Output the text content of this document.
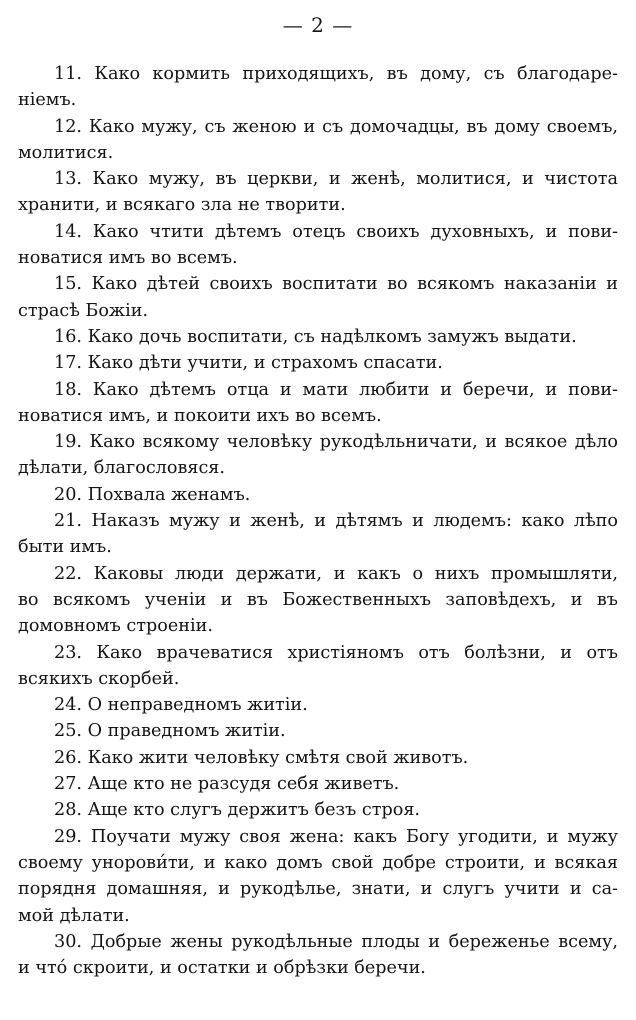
— 2 —
11. Како кормить приходящихъ, въ дому, съ благодаре-
ніемъ.
12. Како мужу, съ женою и съ домочадцы, въ дому своемъ,
молитися.
13. Како мужу, въ церкви, и женѣ, молитися, и чистота
хранити, и всякаго зла не творити.
14. Како чтити дѣтемъ отецъ своихъ духовныхъ, и пови-
новатися имъ во всемъ.
15. Како дѣтей своихъ воспитати во всякомъ наказаніи и
страсѣ Божіи.
16. Како дочь воспитати, съ надѣлкомъ замужъ выдати.
17. Како дѣти учити, и страхомъ спасати.
18. Како дѣтемъ отца и мати любити и беречи, и пови-
новатися имъ, и покоити ихъ во всемъ.
19. Како всякому человѣку рукодѣльничати, и всякое дѣло
дѣлати, благословяся.
20. Похвала женамъ.
21. Наказъ мужу и женѣ, и дѣтямъ и людемъ: како лѣпо
быти имъ.
22. Каковы люди держати, и какъ о нихъ промышляти,
во всякомъ ученіи и въ Божественныхъ заповѣдехъ, и въ
домовномъ строеніи.
23. Како врачеватися христіяномъ отъ болѣзни, и отъ
всякихъ скорбей.
24. О неправедномъ житіи.
25. О праведномъ житіи.
26. Како жити человѣку смѣтя свой животъ.
27. Аще кто не разсудя себя живетъ.
28. Аще кто слугъ держитъ безъ строя.
29. Поучати мужу своя жена: какъ Богу угодити, и мужу
своему унорови́ти, и како домъ свой добре строити, и всякая
порядня домашняя, и рукодѣлье, знати, и слугъ учити и са-
мой дѣлати.
30. Добрые жены рукодѣльные плоды и береженье всему,
и что́ скроити, и остатки и обрѣзки беречи.
